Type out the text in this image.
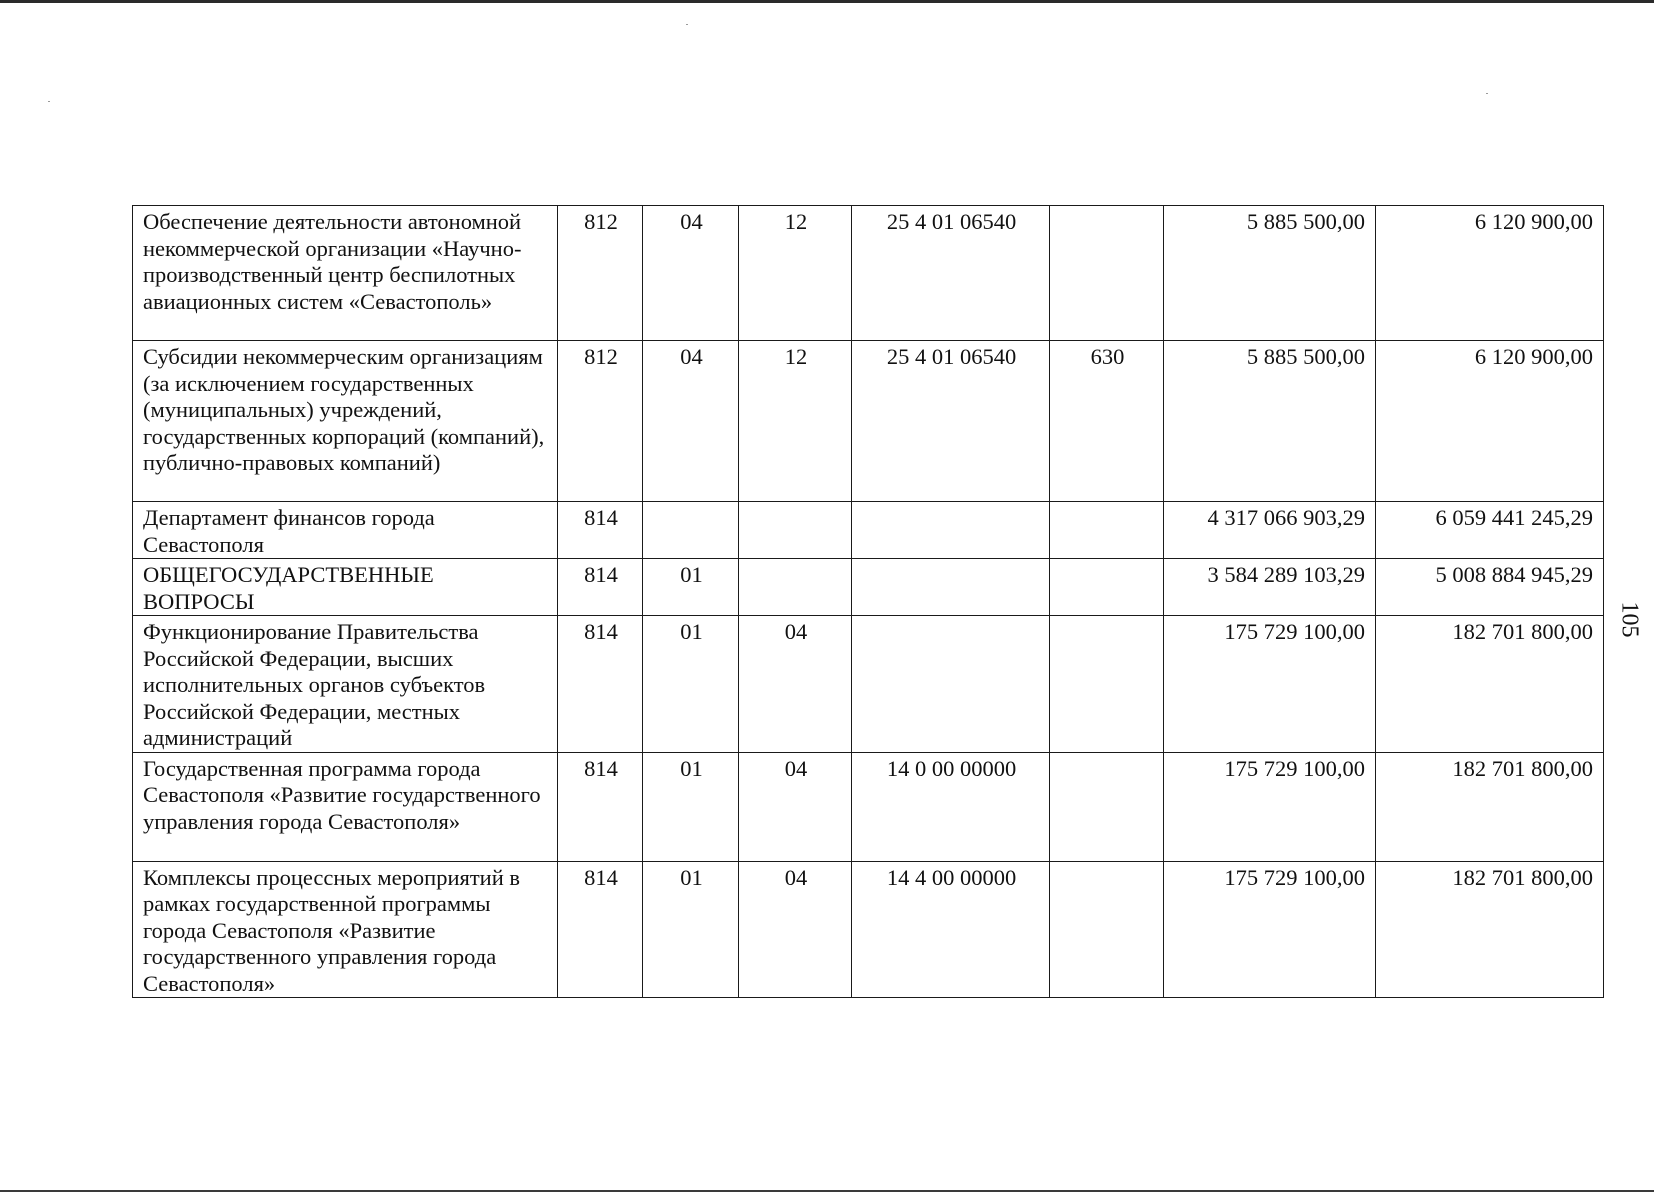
Обеспечение деятельности автономной некоммерческой организации «Научно-производственный центр беспилотных авиационных систем «Севастополь»	812	04	12	25 4 01 06540		5 885 500,00	6 120 900,00
Субсидии некоммерческим организациям (за исключением государственных (муниципальных) учреждений, государственных корпораций (компаний), публично-правовых компаний)	812	04	12	25 4 01 06540	630	5 885 500,00	6 120 900,00
Департамент финансов города Севастополя	814					4 317 066 903,29	6 059 441 245,29
ОБЩЕГОСУДАРСТВЕННЫЕ ВОПРОСЫ	814	01				3 584 289 103,29	5 008 884 945,29
Функционирование Правительства Российской Федерации, высших исполнительных органов субъектов Российской Федерации, местных администраций	814	01	04			175 729 100,00	182 701 800,00
Государственная программа города Севастополя «Развитие государственного управления города Севастополя»	814	01	04	14 0 00 00000		175 729 100,00	182 701 800,00
Комплексы процессных мероприятий в рамках государственной программы города Севастополя «Развитие государственного управления города Севастополя»	814	01	04	14 4 00 00000		175 729 100,00	182 701 800,00
105
